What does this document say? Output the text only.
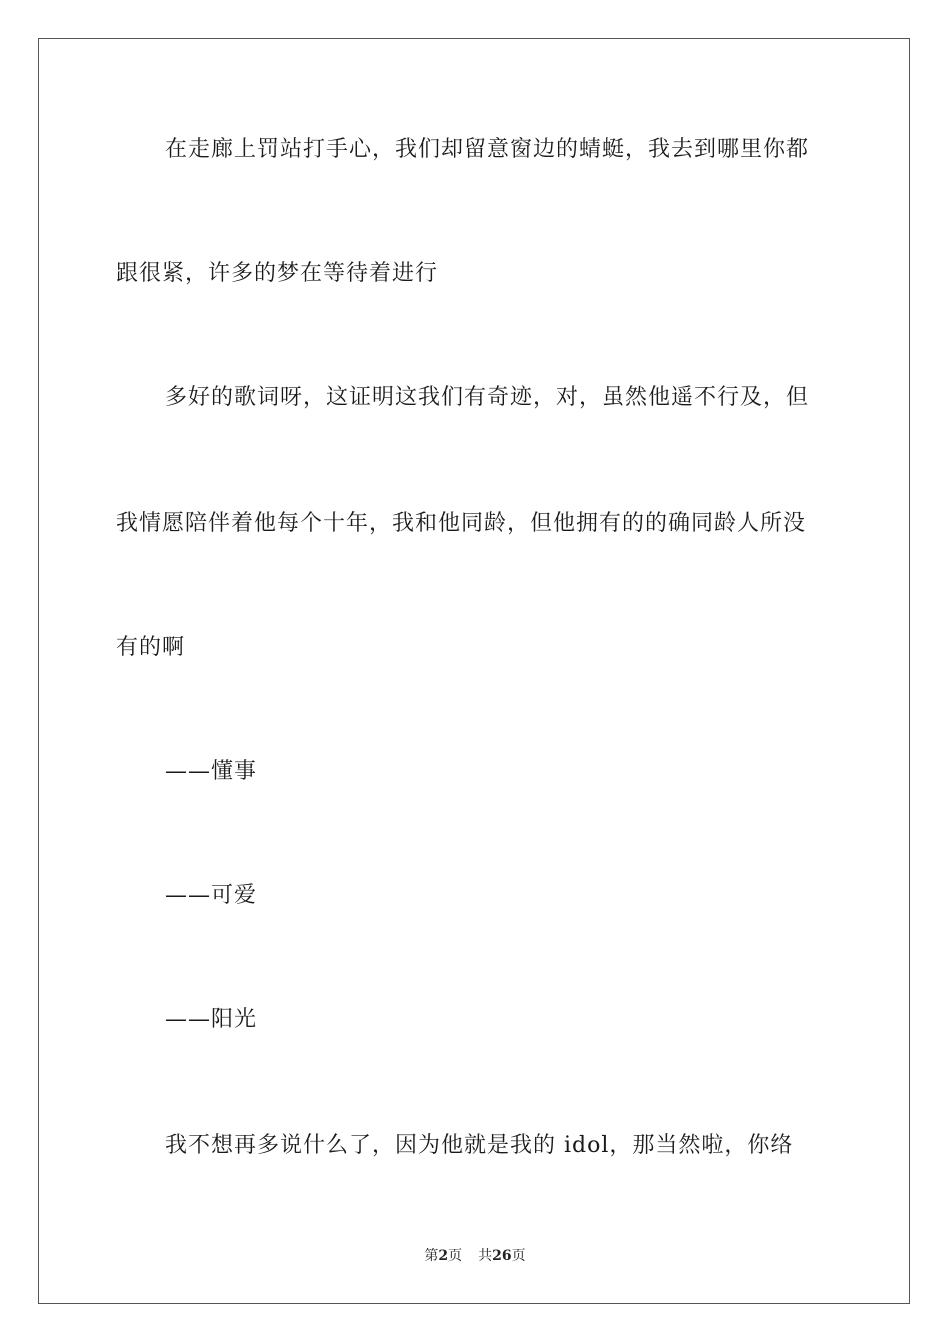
在走廊上罚站打手心，我们却留意窗边的蜻蜓，我去到哪里你都
跟很紧，许多的梦在等待着进行
多好的歌词呀，这证明这我们有奇迹，对，虽然他遥不行及，但
我情愿陪伴着他每个十年，我和他同龄，但他拥有的的确同龄人所没
有的啊
——懂事
——可爱
——阳光
我不想再多说什么了，因为他就是我的 idol，那当然啦，你络
第2页 共26页
